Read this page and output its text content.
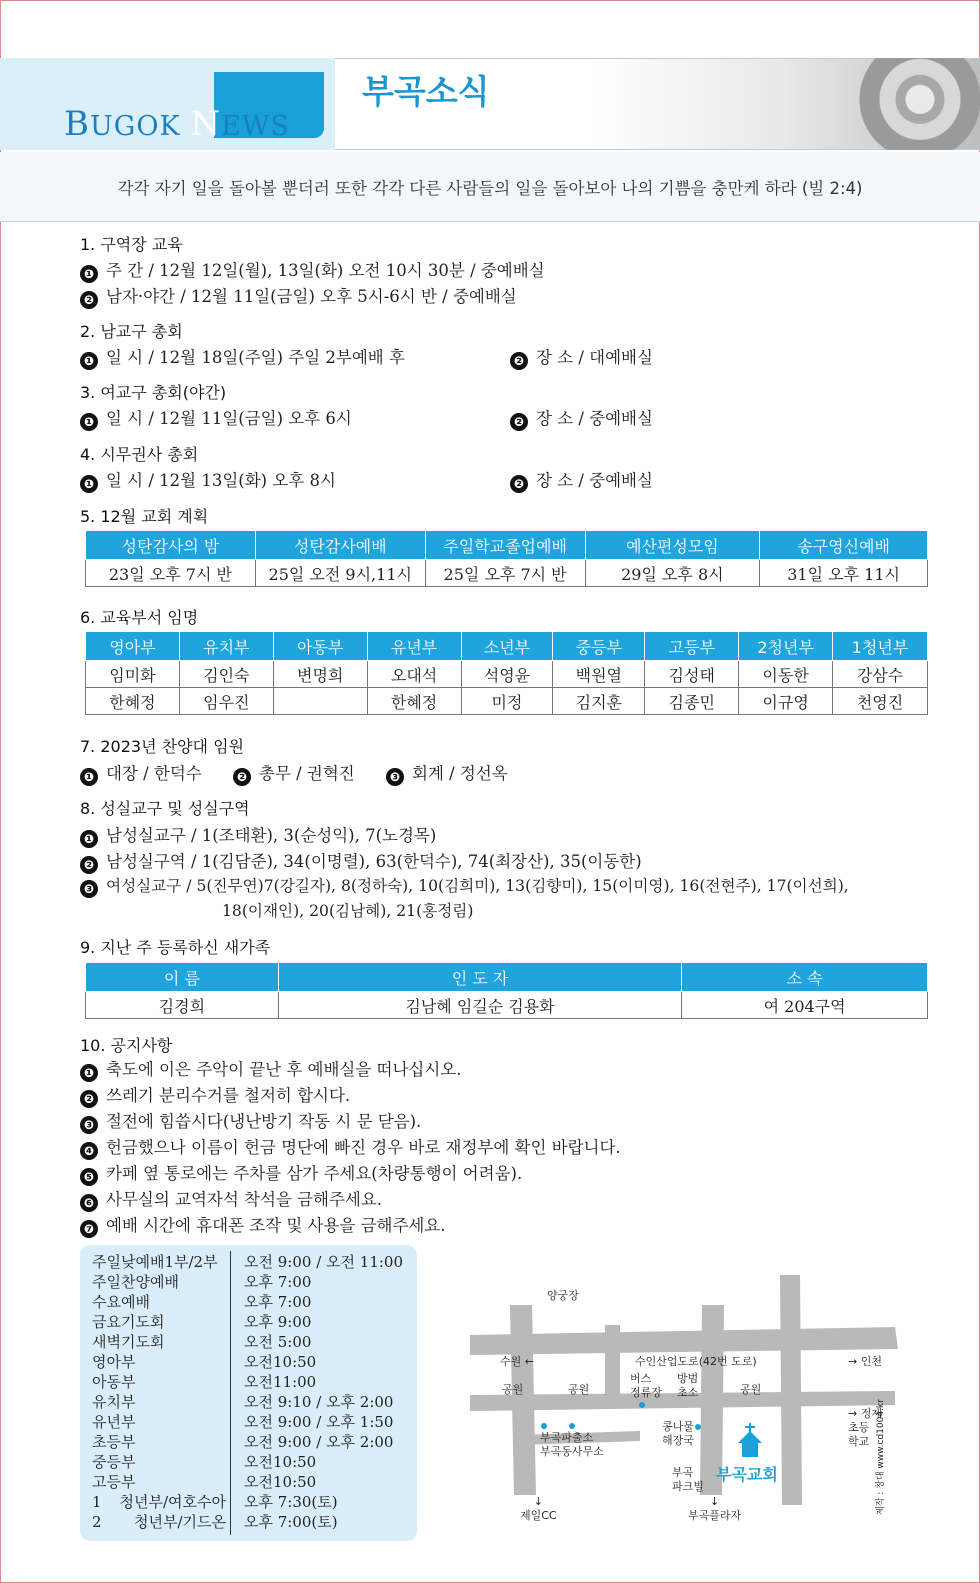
BUGOK NEWS
부곡소식
각각 자기 일을 돌아볼 뿐더러 또한 각각 다른 사람들의 일을 돌아보아 나의 기쁨을 충만케 하라 (빌 2:4)
1. 구역장 교육
❶ 주 간 / 12월 12일(월), 13일(화) 오전 10시 30분 / 중예배실
❷ 남자·야간 / 12월 11일(금일) 오후 5시-6시 반 / 중예배실
2. 남교구 총회
❶ 일 시 / 12월 18일(주일) 주일 2부예배 후	❷ 장 소 / 대예배실
3. 여교구 총회(야간)
❶ 일 시 / 12월 11일(금일) 오후 6시	❷ 장 소 / 중예배실
4. 시무권사 총회
❶ 일 시 / 12월 13일(화) 오후 8시	❷ 장 소 / 중예배실
5. 12월 교회 계획
성탄감사의 밤	성탄감사예배	주일학교졸업예배	예산편성모임	송구영신예배
23일 오후 7시 반	25일 오전 9시,11시	25일 오후 7시 반	29일 오후 8시	31일 오후 11시
6. 교육부서 임명
영아부	유치부	아동부	유년부	소년부	중등부	고등부	2청년부	1청년부
임미화	김인숙	변명희	오대석	석영윤	백원열	김성태	이동한	강삼수
한혜정	임우진		한혜정	미정	김지훈	김종민	이규영	천영진
7. 2023년 찬양대 임원
❶ 대장 / 한덕수	❷ 총무 / 권혁진	❸ 회계 / 정선옥
8. 성실교구 및 성실구역
❶ 남성실교구 / 1(조태환), 3(순성익), 7(노경목)
❷ 남성실구역 / 1(김담준), 34(이명렬), 63(한덕수), 74(최장산), 35(이동한)
❸ 여성실교구 / 5(진무연)7(강길자), 8(정하숙), 10(김희미), 13(김향미), 15(이미영), 16(전현주), 17(이선희),
18(이재인), 20(김남혜), 21(홍정림)
9. 지난 주 등록하신 새가족
이 름	인 도 자	소 속
김경희	김남혜 임길순 김용화	여 204구역
10. 공지사항
❶ 축도에 이은 주악이 끝난 후 예배실을 떠나십시오.
❷ 쓰레기 분리수거를 철저히 합시다.
❸ 절전에 힘씁시다(냉난방기 작동 시 문 닫음).
❹ 헌금했으나 이름이 헌금 명단에 빠진 경우 바로 재정부에 확인 바랍니다.
❺ 카페 옆 통로에는 주차를 삼가 주세요(차량통행이 어려움).
❻ 사무실의 교역자석 착석을 금해주세요.
❼ 예배 시간에 휴대폰 조작 및 사용을 금해주세요.
주일낮예배1부/2부	오전 9:00 / 오전 11:00
주일찬양예배	오후 7:00
수요예배	오후 7:00
금요기도회	오후 9:00
새벽기도회	오전 5:00
영아부	오전10:50
아동부	오전11:00
유치부	오전 9:10 / 오후 2:00
유년부	오전 9:00 / 오후 1:50
초등부	오전 9:00 / 오후 2:00
중등부	오전10:50
고등부	오전10:50
1 청년부/여호수아 오후 7:30(토)
2 청년부/기드온 오후 7:00(토)
양궁장
수원 ←	수인산업도로(42번 도로)	→ 인천
공원	공원
버스
정류장
방범
초소	공원
→ 정재
초등
학교
부곡파출소
부곡동사무소
콩나물
해장국
부곡
파크빌
↓
제일CC
↓
부곡플라자
부곡교회	제작 : 창대 www.cd1004.kr
